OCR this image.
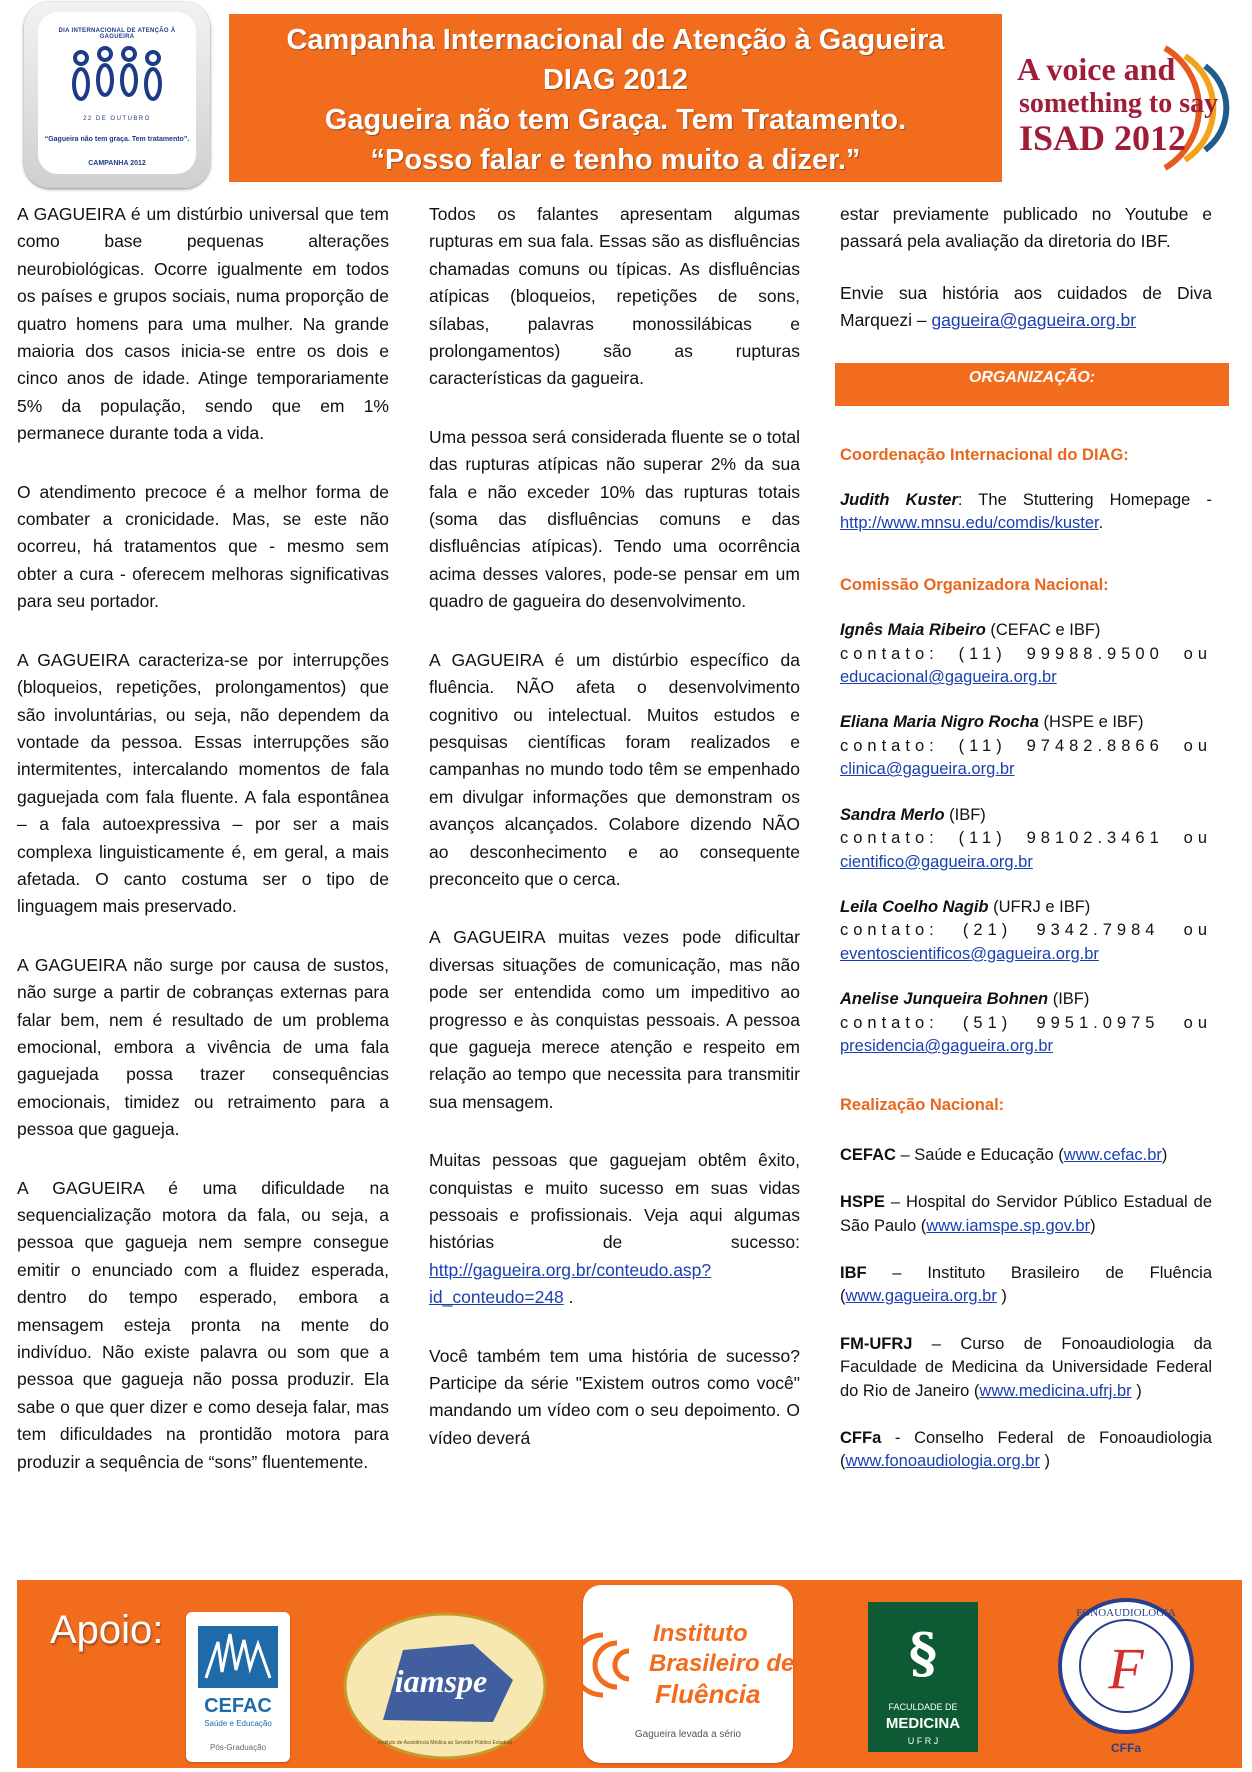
DIA INTERNACIONAL DE ATENÇÃO À GAGUEIRA
22 DE OUTUBRO
“Gagueira não tem graça. Tem tratamento”.
CAMPANHA 2012
Campanha Internacional de Atenção à Gagueira
DIAG 2012
Gagueira não tem Graça. Tem Tratamento.
“Posso falar e tenho muito a dizer.”
A voice and
something to say
ISAD 2012

A GAGUEIRA é um distúrbio universal que tem como base pequenas alterações neurobiológicas. Ocorre igualmente em todos os países e grupos sociais, numa proporção de quatro homens para uma mulher. Na grande maioria dos casos inicia-se entre os dois e cinco anos de idade. Atinge temporariamente 5% da população, sendo que em 1% permanece durante toda a vida.

O atendimento precoce é a melhor forma de combater a cronicidade. Mas, se este não ocorreu, há tratamentos que - mesmo sem obter a cura - oferecem melhoras significativas para seu portador.

A GAGUEIRA caracteriza-se por interrupções (bloqueios, repetições, prolongamentos) que são involuntárias, ou seja, não dependem da vontade da pessoa. Essas interrupções são intermitentes, intercalando momentos de fala gaguejada com fala fluente. A fala espontânea – a fala autoexpressiva – por ser a mais complexa linguisticamente é, em geral, a mais afetada. O canto costuma ser o tipo de linguagem mais preservado.

A GAGUEIRA não surge por causa de sustos, não surge a partir de cobranças externas para falar bem, nem é resultado de um problema emocional, embora a vivência de uma fala gaguejada possa trazer consequências emocionais, timidez ou retraimento para a pessoa que gagueja.

A GAGUEIRA é uma dificuldade na sequencialização motora da fala, ou seja, a pessoa que gagueja nem sempre consegue emitir o enunciado com a fluidez esperada, dentro do tempo esperado, embora a mensagem esteja pronta na mente do indivíduo. Não existe palavra ou som que a pessoa que gagueja não possa produzir. Ela sabe o que quer dizer e como deseja falar, mas tem dificuldades na prontidão motora para produzir a sequência de “sons” fluentemente.

Todos os falantes apresentam algumas rupturas em sua fala. Essas são as disfluências chamadas comuns ou típicas. As disfluências atípicas (bloqueios, repetições de sons, sílabas, palavras monossilábicas e prolongamentos) são as rupturas características da gagueira.

Uma pessoa será considerada fluente se o total das rupturas atípicas não superar 2% da sua fala e não exceder 10% das rupturas totais (soma das disfluências comuns e das disfluências atípicas). Tendo uma ocorrência acima desses valores, pode-se pensar em um quadro de gagueira do desenvolvimento.

A GAGUEIRA é um distúrbio específico da fluência. NÃO afeta o desenvolvimento cognitivo ou intelectual. Muitos estudos e pesquisas científicas foram realizados e campanhas no mundo todo têm se empenhado em divulgar informações que demonstram os avanços alcançados. Colabore dizendo NÃO ao desconhecimento e ao consequente preconceito que o cerca.

A GAGUEIRA muitas vezes pode dificultar diversas situações de comunicação, mas não pode ser entendida como um impeditivo ao progresso e às conquistas pessoais. A pessoa que gagueja merece atenção e respeito em relação ao tempo que necessita para transmitir sua mensagem.

Muitas pessoas que gaguejam obtêm êxito, conquistas e muito sucesso em suas vidas pessoais e profissionais. Veja aqui algumas histórias de sucesso: http://gagueira.org.br/conteudo.asp?id_conteudo=248 .

Você também tem uma história de sucesso? Participe da série "Existem outros como você" mandando um vídeo com o seu depoimento. O vídeo deverá

estar previamente publicado no Youtube e passará pela avaliação da diretoria do IBF.

Envie sua história aos cuidados de Diva Marquezi – gagueira@gagueira.org.br

ORGANIZAÇÃO:
Coordenação Internacional do DIAG:
Judith Kuster: The Stuttering Homepage - http://www.mnsu.edu/comdis/kuster.
Comissão Organizadora Nacional:
Ignês Maia Ribeiro (CEFAC e IBF)
contato: (11) 99988.9500 ou
educacional@gagueira.org.br
Eliana Maria Nigro Rocha (HSPE e IBF)
contato: (11) 97482.8866 ou
clinica@gagueira.org.br
Sandra Merlo (IBF)
contato: (11) 98102.3461 ou
cientifico@gagueira.org.br
Leila Coelho Nagib (UFRJ e IBF)
contato: (21) 9342.7984 ou
eventoscientificos@gagueira.org.br
Anelise Junqueira Bohnen (IBF)
contato: (51) 9951.0975 ou
presidencia@gagueira.org.br
Realização Nacional:
CEFAC – Saúde e Educação (www.cefac.br)
HSPE – Hospital do Servidor Público Estadual de São Paulo (www.iamspe.sp.gov.br)
IBF – Instituto Brasileiro de Fluência (www.gagueira.org.br )
FM-UFRJ – Curso de Fonoaudiologia da Faculdade de Medicina da Universidade Federal do Rio de Janeiro (www.medicina.ufrj.br )
CFFa - Conselho Federal de Fonoaudiologia (www.fonoaudiologia.org.br )
Apoio:
CEFAC
Saúde e Educação
Pós-Graduação
iamspe
Instituto de Assistência Médica ao Servidor Público Estadual
Instituto
Brasileiro de
Fluência
Gagueira levada a sério
§
FACULDADE DE
MEDICINA
U F R J
FONOAUDIOLOGIA
F
CFFa
